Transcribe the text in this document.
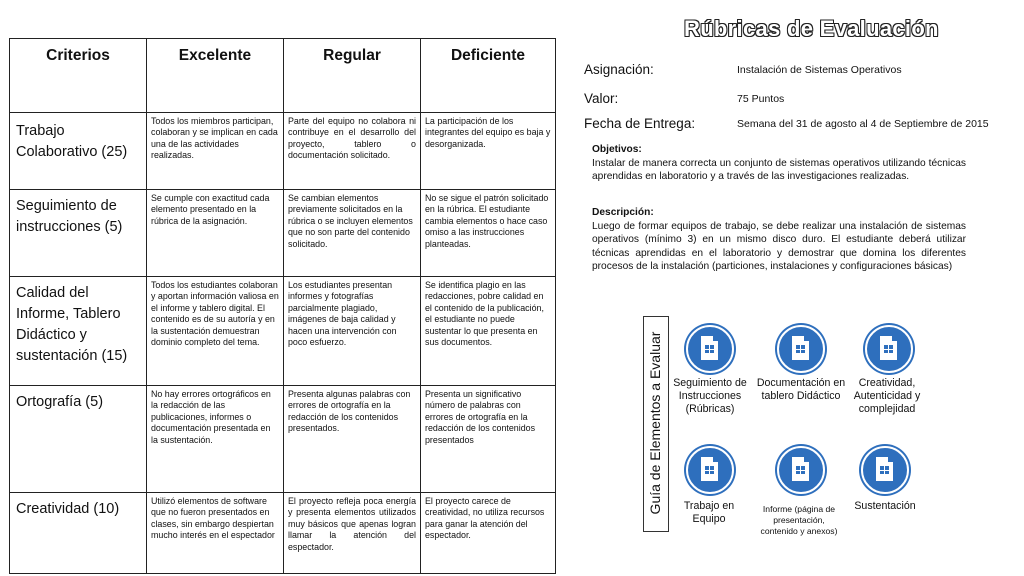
Rúbricas de Evaluación
Criterios	Excelente	Regular	Deficiente
Trabajo Colaborativo (25)	Todos los miembros participan, colaboran y se implican en cada una de las actividades realizadas.	Parte del equipo no colabora ni contribuye en el desarrollo del proyecto, tablero o documentación solicitado.	La participación de los integrantes del equipo es baja y desorganizada.
Seguimiento de instrucciones (5)	Se cumple con exactitud cada elemento presentado en la rúbrica de la asignación.	Se cambian elementos previamente solicitados en la rúbrica o se incluyen elementos que no son parte del contenido solicitado.	No se sigue el patrón solicitado en la rúbrica. El estudiante cambia elementos o hace caso omiso a las instrucciones planteadas.
Calidad del Informe, Tablero Didáctico y sustentación (15)	Todos los estudiantes colaboran y aportan información valiosa en el informe y tablero digital. El contenido es de su autoría y en la sustentación demuestran dominio completo del tema.	Los estudiantes presentan informes y fotografías parcialmente plagiado, imágenes de baja calidad y hacen una intervención con poco esfuerzo.	Se identifica plagio en las redacciones, pobre calidad en el contenido de la publicación, el estudiante no puede sustentar lo que presenta en sus documentos.
Ortografía (5)	No hay errores ortográficos en la redacción de las publicaciones, informes o documentación presentada en la sustentación.	Presenta algunas palabras con errores de ortografía en la redacción de los contenidos presentados.	Presenta un significativo número de palabras con errores de ortografía en la redacción de los contenidos presentados
Creatividad (10)	Utilizó elementos de software que no fueron presentados en clases, sin embargo despiertan mucho interés en el espectador	El proyecto refleja poca energía y presenta elementos utilizados muy básicos que apenas logran llamar la atención del espectador.	El proyecto carece de creatividad, no utiliza recursos para ganar la atención del espectador.
Asignación:	Instalación de Sistemas Operativos
Valor:	75 Puntos
Fecha de Entrega:	Semana del 31 de agosto al 4 de Septiembre de 2015
Objetivos:
Instalar de manera correcta un conjunto de sistemas operativos utilizando técnicas aprendidas en laboratorio y a través de las investigaciones realizadas.
Descripción:
Luego de formar equipos de trabajo, se debe realizar una instalación de sistemas operativos (mínimo 3) en un mismo disco duro. El estudiante deberá utilizar técnicas aprendidas en el laboratorio y demostrar que domina los diferentes procesos de la instalación (particiones, instalaciones y configuraciones básicas)
Guía de Elementos a Evaluar Seguimiento de Instrucciones (Rúbricas)
Documentación en tablero Didáctico
Creatividad, Autenticidad y complejidad
Trabajo en Equipo
Informe (página de presentación, contenido y anexos)
Sustentación
